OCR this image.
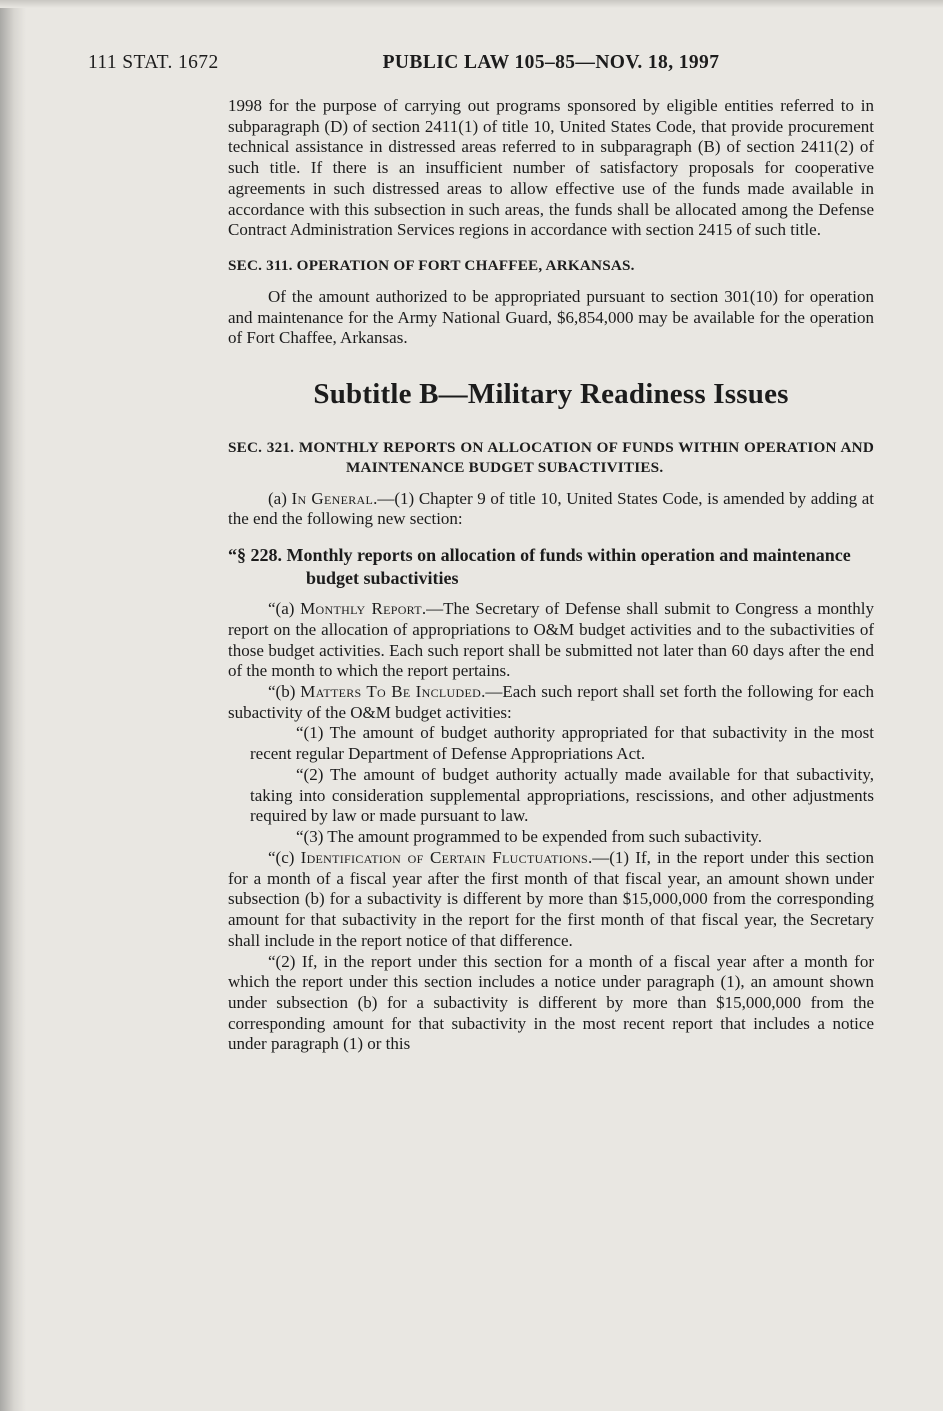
111 STAT. 1672	PUBLIC LAW 105–85—NOV. 18, 1997

1998 for the purpose of carrying out programs sponsored by eligible entities referred to in subparagraph (D) of section 2411(1) of title 10, United States Code, that provide procurement technical assistance in distressed areas referred to in subparagraph (B) of section 2411(2) of such title. If there is an insufficient number of satisfactory proposals for cooperative agreements in such distressed areas to allow effective use of the funds made available in accordance with this subsection in such areas, the funds shall be allocated among the Defense Contract Administration Services regions in accordance with section 2415 of such title.

SEC. 311. OPERATION OF FORT CHAFFEE, ARKANSAS.

Of the amount authorized to be appropriated pursuant to section 301(10) for operation and maintenance for the Army National Guard, $6,854,000 may be available for the operation of Fort Chaffee, Arkansas.

Subtitle B—Military Readiness Issues
SEC. 321. MONTHLY REPORTS ON ALLOCATION OF FUNDS WITHIN OPERATION AND MAINTENANCE BUDGET SUBACTIVITIES.

(a) In General.—(1) Chapter 9 of title 10, United States Code, is amended by adding at the end the following new section:

“§ 228. Monthly reports on allocation of funds within operation and maintenance budget subactivities

“(a) Monthly Report.—The Secretary of Defense shall submit to Congress a monthly report on the allocation of appropriations to O&M budget activities and to the subactivities of those budget activities. Each such report shall be submitted not later than 60 days after the end of the month to which the report pertains.

“(b) Matters To Be Included.—Each such report shall set forth the following for each subactivity of the O&M budget activities:

“(1) The amount of budget authority appropriated for that subactivity in the most recent regular Department of Defense Appropriations Act.

“(2) The amount of budget authority actually made available for that subactivity, taking into consideration supplemental appropriations, rescissions, and other adjustments required by law or made pursuant to law.

“(3) The amount programmed to be expended from such subactivity.

“(c) Identification of Certain Fluctuations.—(1) If, in the report under this section for a month of a fiscal year after the first month of that fiscal year, an amount shown under subsection (b) for a subactivity is different by more than $15,000,000 from the corresponding amount for that subactivity in the report for the first month of that fiscal year, the Secretary shall include in the report notice of that difference.

“(2) If, in the report under this section for a month of a fiscal year after a month for which the report under this section includes a notice under paragraph (1), an amount shown under subsection (b) for a subactivity is different by more than $15,000,000 from the corresponding amount for that subactivity in the most recent report that includes a notice under paragraph (1) or this
